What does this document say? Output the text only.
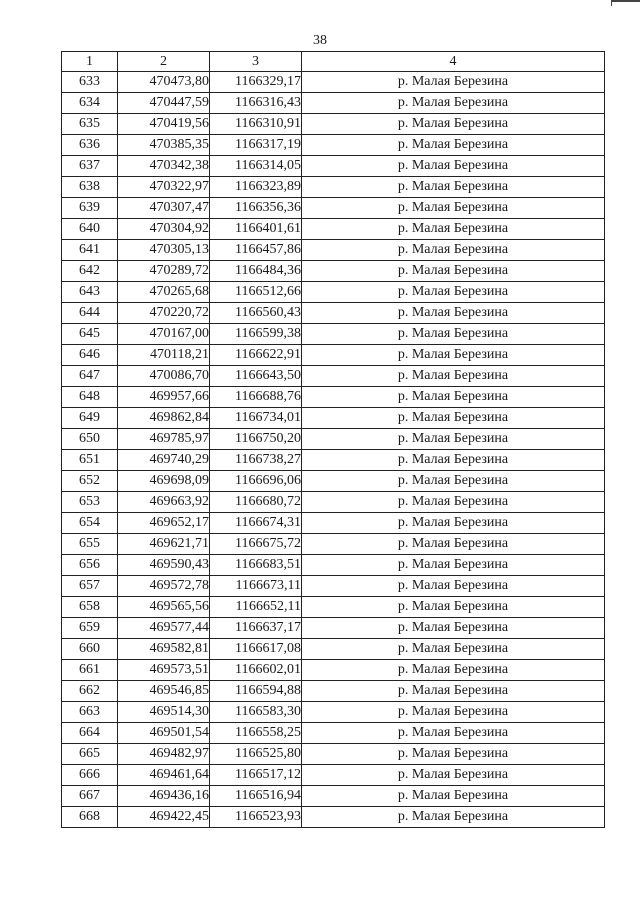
38
1	2	3	4
633	470473,80	1166329,17	р. Малая Березина
634	470447,59	1166316,43	р. Малая Березина
635	470419,56	1166310,91	р. Малая Березина
636	470385,35	1166317,19	р. Малая Березина
637	470342,38	1166314,05	р. Малая Березина
638	470322,97	1166323,89	р. Малая Березина
639	470307,47	1166356,36	р. Малая Березина
640	470304,92	1166401,61	р. Малая Березина
641	470305,13	1166457,86	р. Малая Березина
642	470289,72	1166484,36	р. Малая Березина
643	470265,68	1166512,66	р. Малая Березина
644	470220,72	1166560,43	р. Малая Березина
645	470167,00	1166599,38	р. Малая Березина
646	470118,21	1166622,91	р. Малая Березина
647	470086,70	1166643,50	р. Малая Березина
648	469957,66	1166688,76	р. Малая Березина
649	469862,84	1166734,01	р. Малая Березина
650	469785,97	1166750,20	р. Малая Березина
651	469740,29	1166738,27	р. Малая Березина
652	469698,09	1166696,06	р. Малая Березина
653	469663,92	1166680,72	р. Малая Березина
654	469652,17	1166674,31	р. Малая Березина
655	469621,71	1166675,72	р. Малая Березина
656	469590,43	1166683,51	р. Малая Березина
657	469572,78	1166673,11	р. Малая Березина
658	469565,56	1166652,11	р. Малая Березина
659	469577,44	1166637,17	р. Малая Березина
660	469582,81	1166617,08	р. Малая Березина
661	469573,51	1166602,01	р. Малая Березина
662	469546,85	1166594,88	р. Малая Березина
663	469514,30	1166583,30	р. Малая Березина
664	469501,54	1166558,25	р. Малая Березина
665	469482,97	1166525,80	р. Малая Березина
666	469461,64	1166517,12	р. Малая Березина
667	469436,16	1166516,94	р. Малая Березина
668	469422,45	1166523,93	р. Малая Березина
